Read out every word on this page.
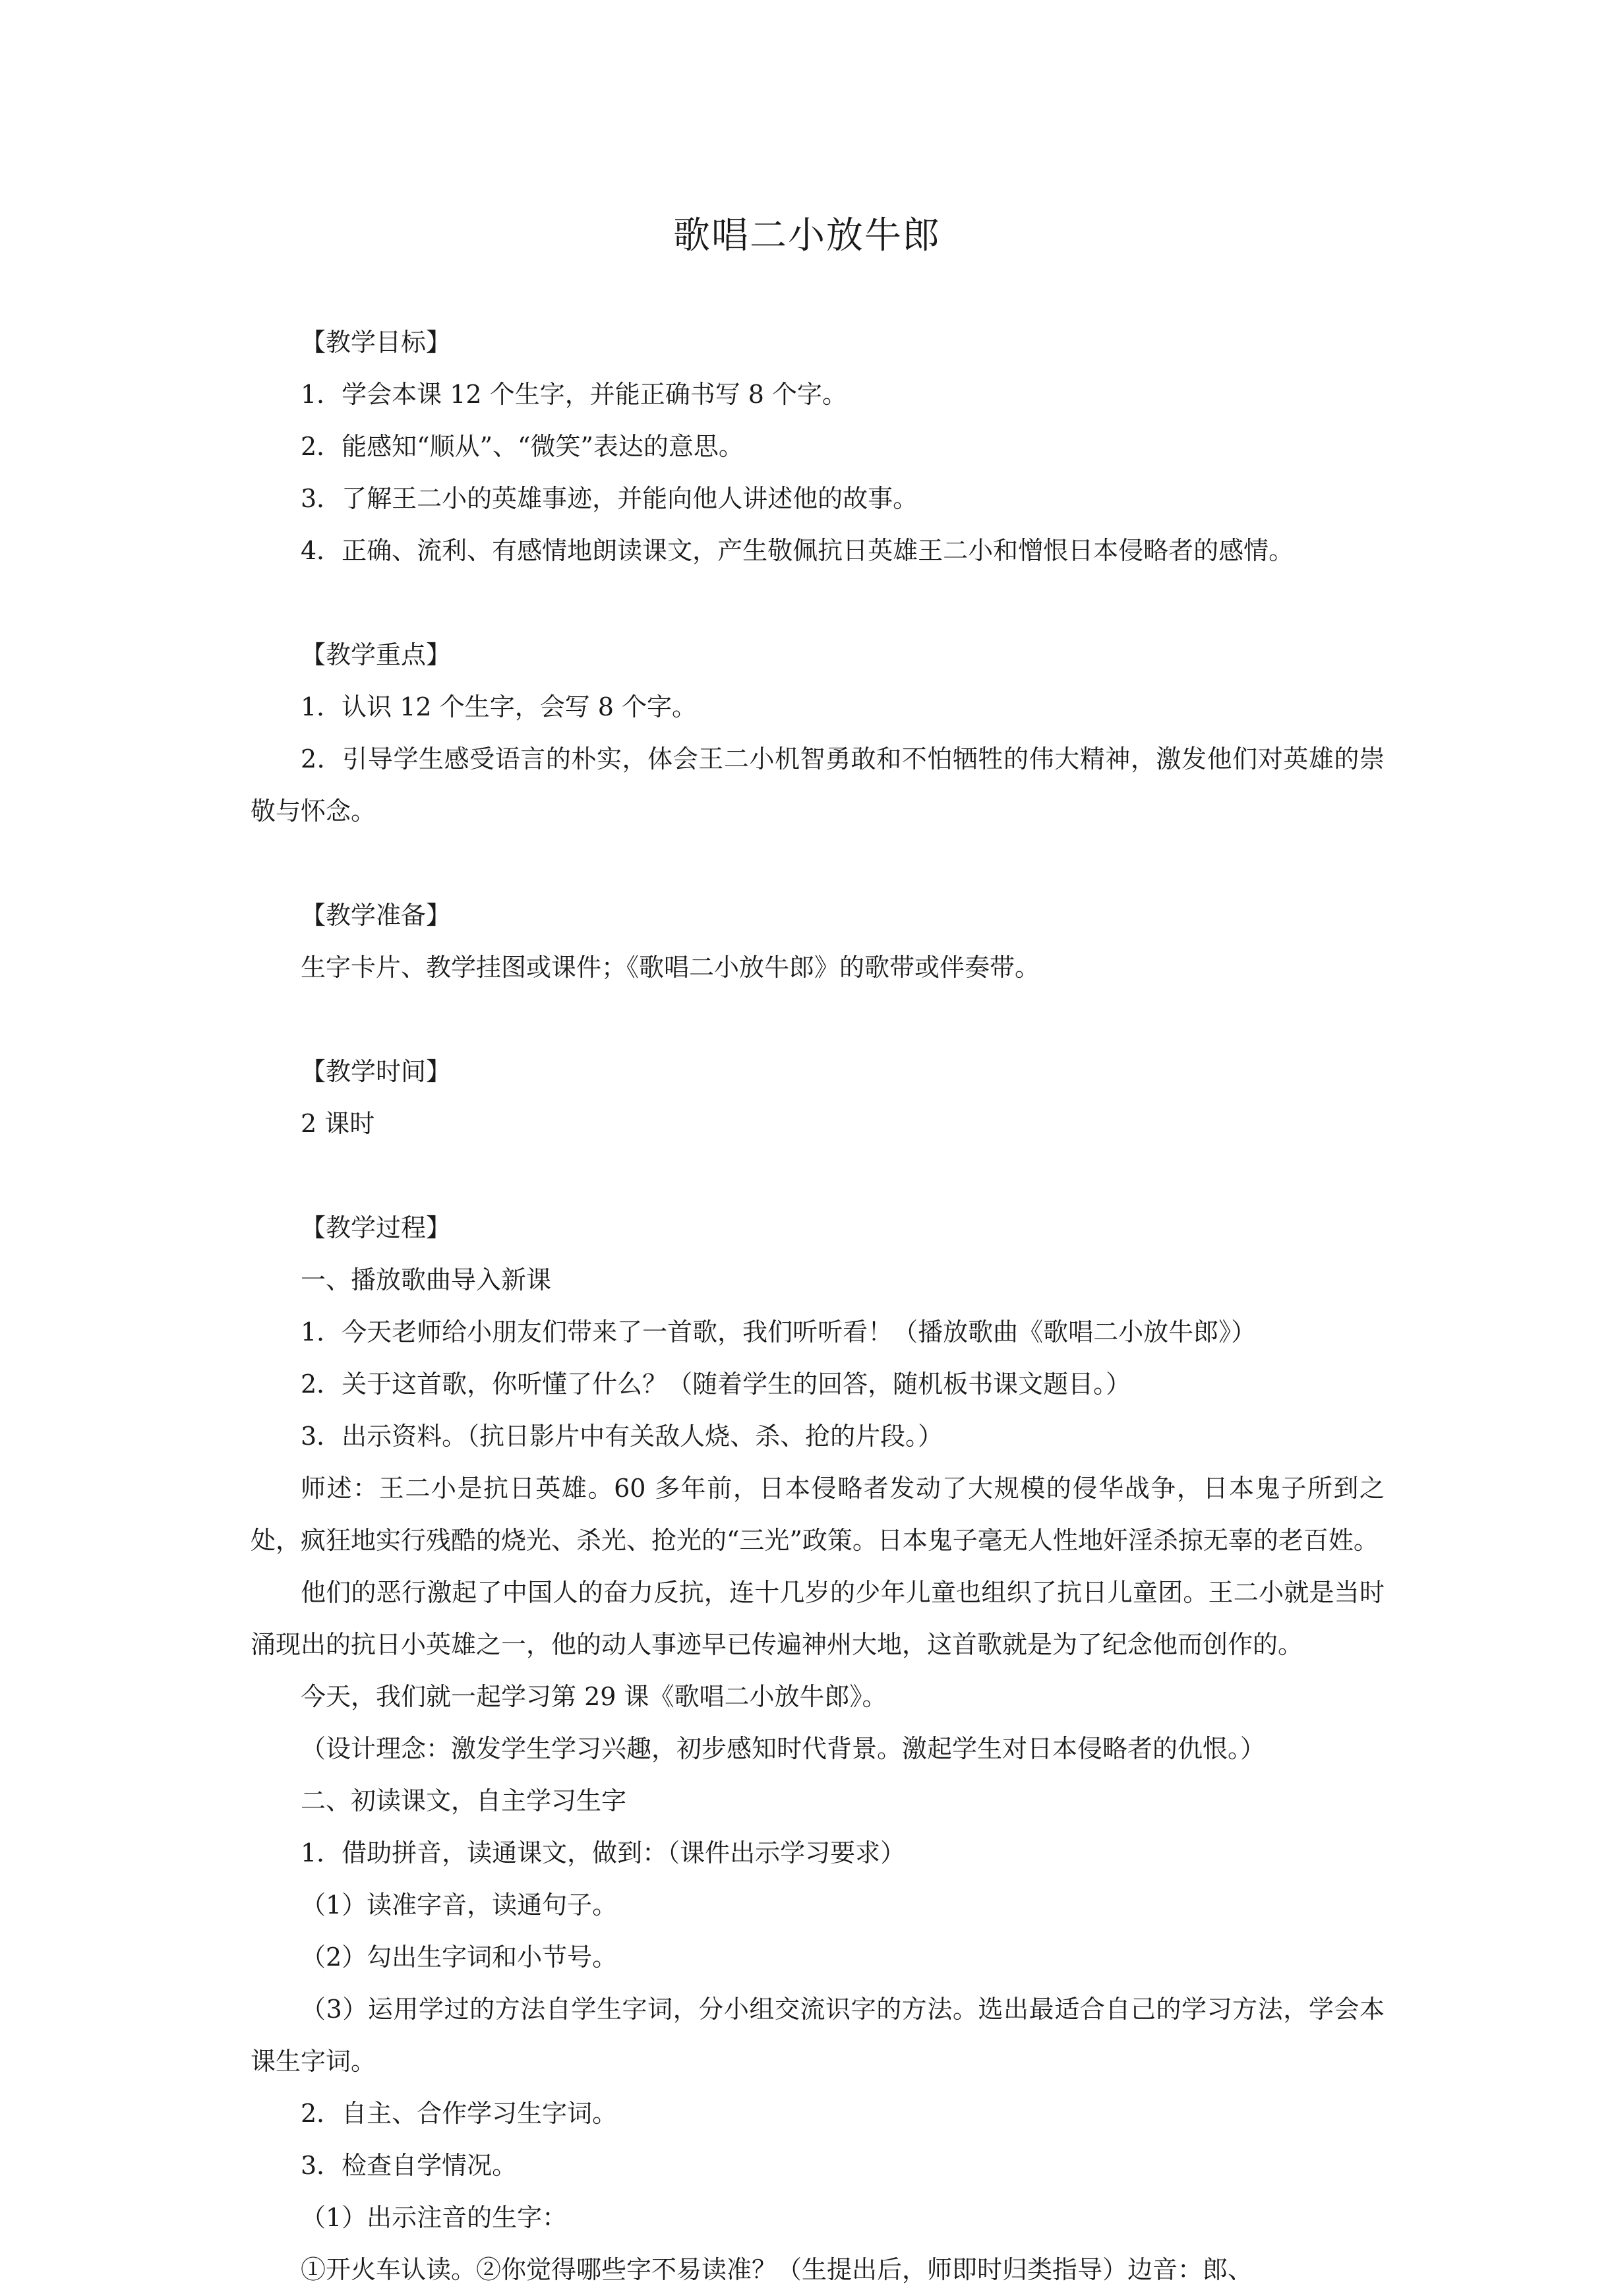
歌唱二小放牛郎

【教学目标】

1．学会本课 12 个生字，并能正确书写 8 个字。

2．能感知“顺从”、“微笑”表达的意思。

3．了解王二小的英雄事迹，并能向他人讲述他的故事。

4．正确、流利、有感情地朗读课文，产生敬佩抗日英雄王二小和憎恨日本侵略者的感情。

【教学重点】

1．认识 12 个生字，会写 8 个字。

2．引导学生感受语言的朴实，体会王二小机智勇敢和不怕牺牲的伟大精神，激发他们对英雄的崇敬与怀念。

【教学准备】

生字卡片、教学挂图或课件；《歌唱二小放牛郎》的歌带或伴奏带。

【教学时间】

2 课时

【教学过程】

一、播放歌曲导入新课

1．今天老师给小朋友们带来了一首歌，我们听听看！（播放歌曲《歌唱二小放牛郎》）

2．关于这首歌，你听懂了什么？（随着学生的回答，随机板书课文题目。）

3．出示资料。（抗日影片中有关敌人烧、杀、抢的片段。）

师述：王二小是抗日英雄。60 多年前，日本侵略者发动了大规模的侵华战争，日本鬼子所到之处，疯狂地实行残酷的烧光、杀光、抢光的“三光”政策。日本鬼子毫无人性地奸淫杀掠无辜的老百姓。

他们的恶行激起了中国人的奋力反抗，连十几岁的少年儿童也组织了抗日儿童团。王二小就是当时涌现出的抗日小英雄之一，他的动人事迹早已传遍神州大地，这首歌就是为了纪念他而创作的。

今天，我们就一起学习第 29 课《歌唱二小放牛郎》。

（设计理念：激发学生学习兴趣，初步感知时代背景。激起学生对日本侵略者的仇恨。）

二、初读课文，自主学习生字

1．借助拼音，读通课文，做到：（课件出示学习要求）

（1）读准字音，读通句子。

（2）勾出生字词和小节号。

（3）运用学过的方法自学生字词，分小组交流识字的方法。选出最适合自己的学习方法，学会本课生字词。

2．自主、合作学习生字词。

3．检查自学情况。

（1）出示注音的生字：

①开火车认读。②你觉得哪些字不易读准？（生提出后，师即时归类指导）边音：郎、
